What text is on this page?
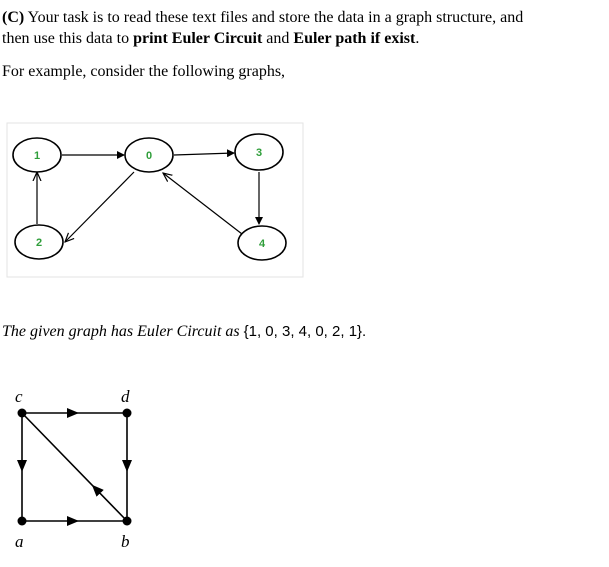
(C) Your task is to read these text files and store the data in a graph structure, and
then use this data to print Euler Circuit and Euler path if exist.
For example, consider the following graphs,
1	0	3
2	4
The given graph has Euler Circuit as {1, 0, 3, 4, 0, 2, 1}.
c	d
a	b
